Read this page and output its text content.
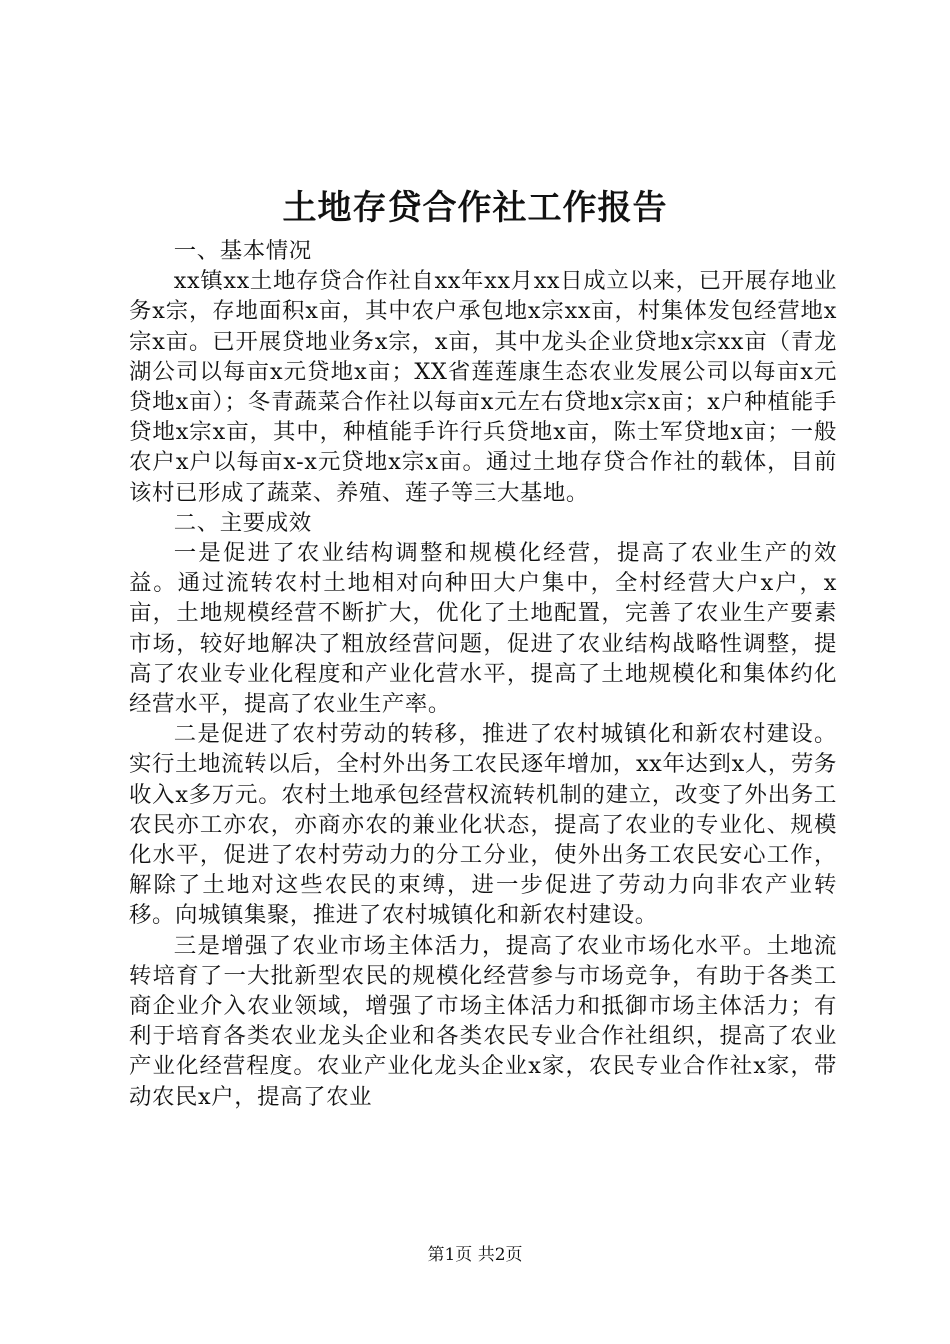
土地存贷合作社工作报告

一、基本情况

xx镇xx土地存贷合作社自xx年xx月xx日成立以来，已开展存地业务x宗，存地面积x亩，其中农户承包地x宗xx亩，村集体发包经营地x宗x亩。已开展贷地业务x宗，x亩，其中龙头企业贷地x宗xx亩（青龙湖公司以每亩x元贷地x亩；XX省莲莲康生态农业发展公司以每亩x元贷地x亩）；冬青蔬菜合作社以每亩x元左右贷地x宗x亩；x户种植能手贷地x宗x亩，其中，种植能手许行兵贷地x亩，陈士军贷地x亩；一般农户x户以每亩x-x元贷地x宗x亩。通过土地存贷合作社的载体，目前该村已形成了蔬菜、养殖、莲子等三大基地。

二、主要成效

一是促进了农业结构调整和规模化经营，提高了农业生产的效益。通过流转农村土地相对向种田大户集中，全村经营大户x户，x亩，土地规模经营不断扩大，优化了土地配置，完善了农业生产要素市场，较好地解决了粗放经营问题，促进了农业结构战略性调整，提高了农业专业化程度和产业化营水平，提高了土地规模化和集体约化经营水平，提高了农业生产率。

二是促进了农村劳动的转移，推进了农村城镇化和新农村建设。实行土地流转以后，全村外出务工农民逐年增加，xx年达到x人，劳务收入x多万元。农村土地承包经营权流转机制的建立，改变了外出务工农民亦工亦农，亦商亦农的兼业化状态，提高了农业的专业化、规模化水平，促进了农村劳动力的分工分业，使外出务工农民安心工作，解除了土地对这些农民的束缚，进一步促进了劳动力向非农产业转移。向城镇集聚，推进了农村城镇化和新农村建设。

三是增强了农业市场主体活力，提高了农业市场化水平。土地流转培育了一大批新型农民的规模化经营参与市场竞争，有助于各类工商企业介入农业领域，增强了市场主体活力和抵御市场主体活力；有利于培育各类农业龙头企业和各类农民专业合作社组织，提高了农业产业化经营程度。农业产业化龙头企业x家，农民专业合作社x家，带动农民x户，提高了农业

第1页 共2页
